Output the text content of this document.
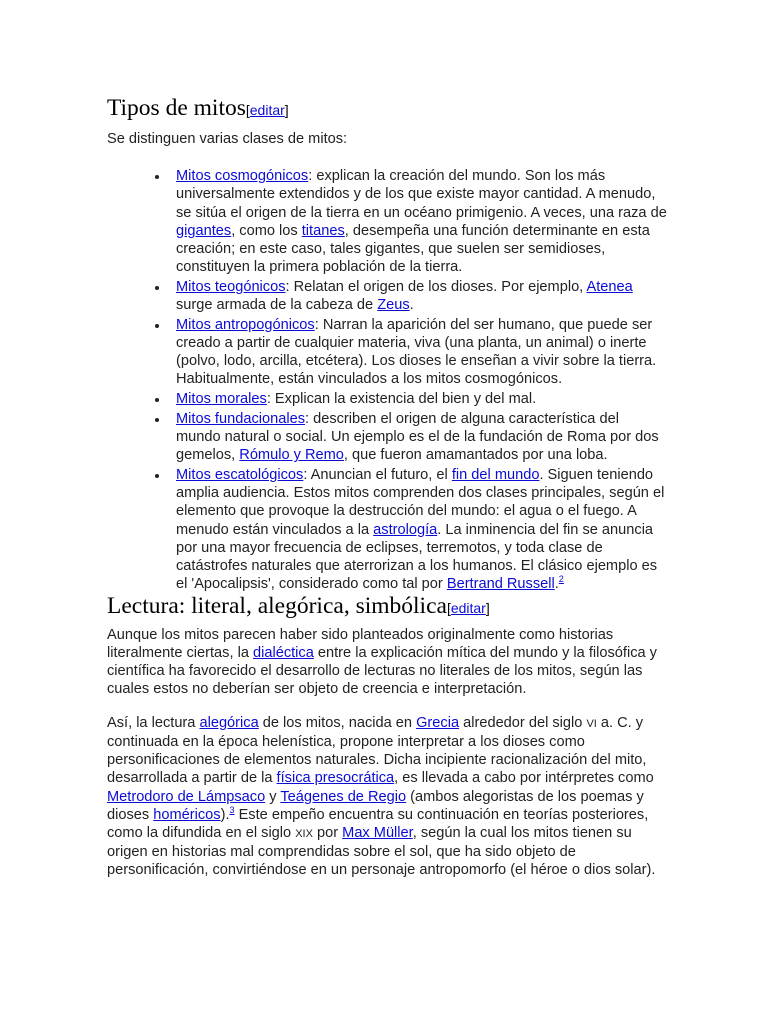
Tipos de mitos[editar]

Se distinguen varias clases de mitos:

Mitos cosmogónicos: explican la creación del mundo. Son los más universalmente extendidos y de los que existe mayor cantidad. A menudo, se sitúa el origen de la tierra en un océano primigenio. A veces, una raza de gigantes, como los titanes, desempeña una función determinante en esta creación; en este caso, tales gigantes, que suelen ser semidioses, constituyen la primera población de la tierra.
Mitos teogónicos: Relatan el origen de los dioses. Por ejemplo, Atenea surge armada de la cabeza de Zeus.
Mitos antropogónicos: Narran la aparición del ser humano, que puede ser creado a partir de cualquier materia, viva (una planta, un animal) o inerte (polvo, lodo, arcilla, etcétera). Los dioses le enseñan a vivir sobre la tierra. Habitualmente, están vinculados a los mitos cosmogónicos.
Mitos morales: Explican la existencia del bien y del mal.
Mitos fundacionales: describen el origen de alguna característica del mundo natural o social. Un ejemplo es el de la fundación de Roma por dos gemelos, Rómulo y Remo, que fueron amamantados por una loba.
Mitos escatológicos: Anuncian el futuro, el fin del mundo. Siguen teniendo amplia audiencia. Estos mitos comprenden dos clases principales, según el elemento que provoque la destrucción del mundo: el agua o el fuego. A menudo están vinculados a la astrología. La inminencia del fin se anuncia por una mayor frecuencia de eclipses, terremotos, y toda clase de catástrofes naturales que aterrorizan a los humanos. El clásico ejemplo es el 'Apocalipsis', considerado como tal por Bertrand Russell.$^2$
Lectura: literal, alegórica, simbólica[editar]

Aunque los mitos parecen haber sido planteados originalmente como historias literalmente ciertas, la dialéctica entre la explicación mítica del mundo y la filosófica y científica ha favorecido el desarrollo de lecturas no literales de los mitos, según las cuales estos no deberían ser objeto de creencia e interpretación.

Así, la lectura alegórica de los mitos, nacida en Grecia alrededor del siglo VI a. C. y continuada en la época helenística, propone interpretar a los dioses como personificaciones de elementos naturales. Dicha incipiente racionalización del mito, desarrollada a partir de la física presocrática, es llevada a cabo por intérpretes como Metrodoro de Lámpsaco y Teágenes de Regio (ambos alegoristas de los poemas y dioses homéricos).$^3$ Este empeño encuentra su continuación en teorías posteriores, como la difundida en el siglo XIX por Max Müller, según la cual los mitos tienen su origen en historias mal comprendidas sobre el sol, que ha sido objeto de personificación, convirtiéndose en un personaje antropomorfo (el héroe o dios solar).
